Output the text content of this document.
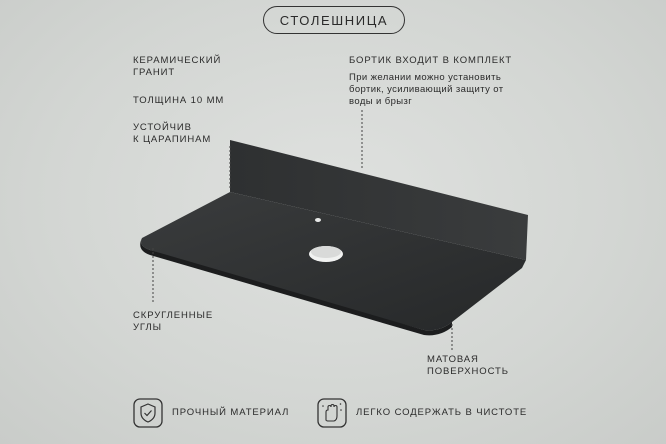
СТОЛЕШНИЦА
КЕРАМИЧЕСКИЙ
ГРАНИТ
ТОЛЩИНА 10 ММ
УСТОЙЧИВ
К ЦАРАПИНАМ
СКРУГЛЕННЫЕ
УГЛЫ
БОРТИК ВХОДИТ В КОМПЛЕКТ
При желании можно установить
бортик, усиливающий защиту от
воды и брызг
МАТОВАЯ
ПОВЕРХНОСТЬ
ПРОЧНЫЙ МАТЕРИАЛ	ЛЕГКО СОДЕРЖАТЬ В ЧИСТОТЕ
